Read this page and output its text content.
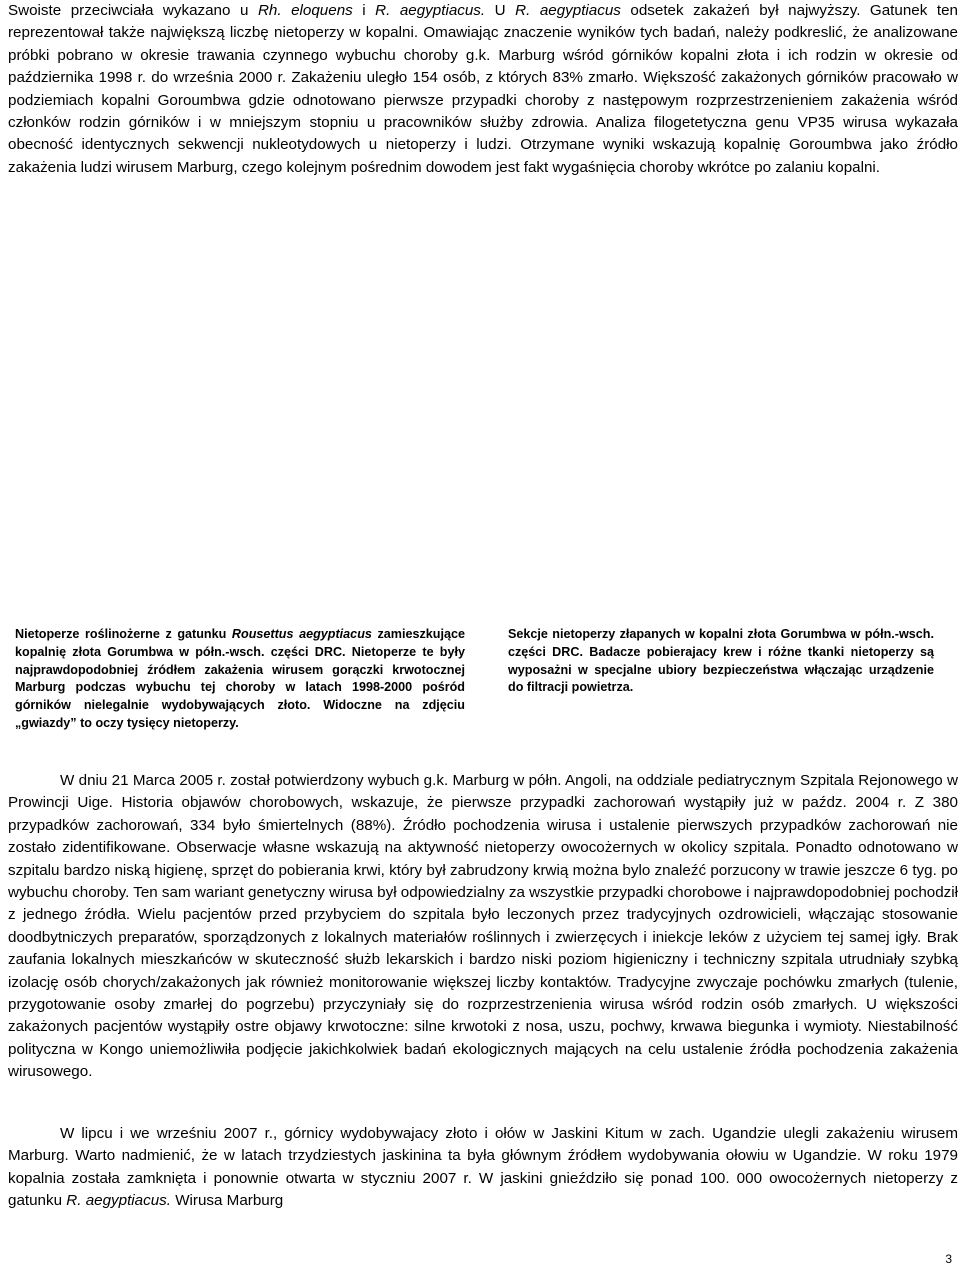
Swoiste przeciwciała wykazano u Rh. eloquens i R. aegyptiacus. U R. aegyptiacus odsetek zakażeń był najwyższy. Gatunek ten reprezentował także największą liczbę nietoperzy w kopalni. Omawiając znaczenie wyników tych badań, należy podkreslić, że analizowane próbki pobrano w okresie trawania czynnego wybuchu choroby g.k. Marburg wśród górników kopalni złota i ich rodzin w okresie od października 1998 r. do września 2000 r. Zakażeniu uległo 154 osób, z których 83% zmarło. Większość zakażonych górników pracowało w podziemiach kopalni Goroumbwa gdzie odnotowano pierwsze przypadki choroby z następowym rozprzestrzenieniem zakażenia wśród członków rodzin górników i w mniejszym stopniu u pracowników służby zdrowia. Analiza filogetetyczna genu VP35 wirusa wykazała obecność identycznych sekwencji nukleotydowych u nietoperzy i ludzi. Otrzymane wyniki wskazują kopalnię Goroumbwa jako źródło zakażenia ludzi wirusem Marburg, czego kolejnym pośrednim dowodem jest fakt wygaśnięcia choroby wkrótce po zalaniu kopalni.

Nietoperze roślinożerne z gatunku Rousettus aegyptiacus zamieszkujące kopalnię złota Gorumbwa w półn.-wsch. części DRC. Nietoperze te były najprawdopodobniej źródłem zakażenia wirusem gorączki krwotocznej Marburg podczas wybuchu tej choroby w latach 1998-2000 pośród górników nielegalnie wydobywających złoto. Widoczne na zdjęciu „gwiazdy” to oczy tysięcy nietoperzy.

Sekcje nietoperzy złapanych w kopalni złota Gorumbwa w półn.-wsch. części DRC. Badacze pobierajacy krew i różne tkanki nietoperzy są wyposażni w specjalne ubiory bezpieczeństwa włączając urządzenie do filtracji powietrza.

W dniu 21 Marca 2005 r. został potwierdzony wybuch g.k. Marburg w półn. Angoli, na oddziale pediatrycznym Szpitala Rejonowego w Prowincji Uige. Historia objawów chorobowych, wskazuje, że pierwsze przypadki zachorowań wystąpiły już w paźdz. 2004 r. Z 380 przypadków zachorowań, 334 było śmiertelnych (88%). Źródło pochodzenia wirusa i ustalenie pierwszych przypadków zachorowań nie zostało zidentifikowane. Obserwacje własne wskazują na aktywność nietoperzy owocożernych w okolicy szpitala. Ponadto odnotowano w szpitalu bardzo niską higienę, sprzęt do pobierania krwi, który był zabrudzony krwią można bylo znaleźć porzucony w trawie jeszcze 6 tyg. po wybuchu choroby. Ten sam wariant genetyczny wirusa był odpowiedzialny za wszystkie przypadki chorobowe i najprawdopodobniej pochodził z jednego źródła. Wielu pacjentów przed przybyciem do szpitala było leczonych przez tradycyjnych ozdrowicieli, włączając stosowanie doodbytniczych preparatów, sporządzonych z lokalnych materiałów roślinnych i zwierzęcych i iniekcje leków z użyciem tej samej igły. Brak zaufania lokalnych mieszkańców w skuteczność służb lekarskich i bardzo niski poziom higieniczny i techniczny szpitala utrudniały szybką izolację osób chorych/zakażonych jak również monitorowanie większej liczby kontaktów. Tradycyjne zwyczaje pochówku zmarłych (tulenie, przygotowanie osoby zmarłej do pogrzebu) przyczyniały się do rozprzestrzenienia wirusa wśród rodzin osób zmarłych. U większości zakażonych pacjentów wystąpiły ostre objawy krwotoczne: silne krwotoki z nosa, uszu, pochwy, krwawa biegunka i wymioty. Niestabilność polityczna w Kongo uniemożliwiła podjęcie jakichkolwiek badań ekologicznych mających na celu ustalenie źródła pochodzenia zakażenia wirusowego.

W lipcu i we wrześniu 2007 r., górnicy wydobywajacy złoto i ołów w Jaskini Kitum w zach. Ugandzie ulegli zakażeniu wirusem Marburg. Warto nadmienić, że w latach trzydziestych jaskinina ta była głównym źródłem wydobywania ołowiu w Ugandzie. W roku 1979 kopalnia została zamknięta i ponownie otwarta w styczniu 2007 r. W jaskini gnieździło się ponad 100. 000 owocożernych nietoperzy z gatunku R. aegyptiacus. Wirusa Marburg

3
